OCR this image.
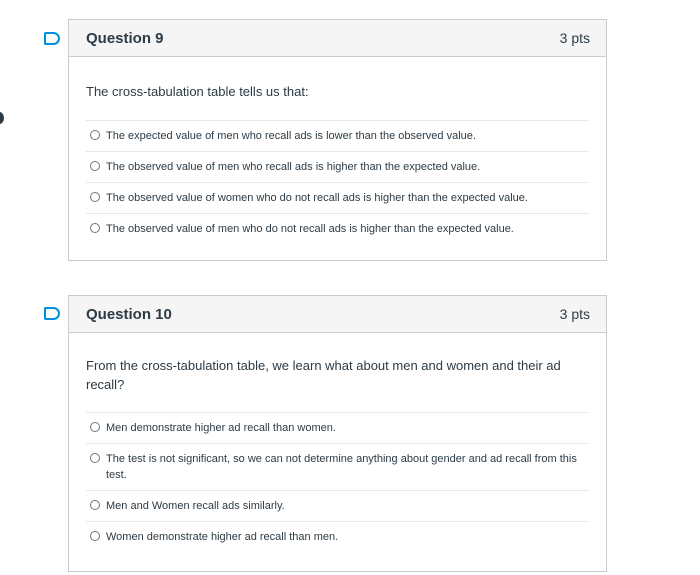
Question 9	3 pts
The cross-tabulation table tells us that:
The expected value of men who recall ads is lower than the observed value.
The observed value of men who recall ads is higher than the expected value.
The observed value of women who do not recall ads is higher than the expected value.
The observed value of men who do not recall ads is higher than the expected value.
Question 10	3 pts
From the cross-tabulation table, we learn what about men and women and their ad recall?
Men demonstrate higher ad recall than women.
The test is not significant, so we can not determine anything about gender and ad recall from this test.
Men and Women recall ads similarly.
Women demonstrate higher ad recall than men.
